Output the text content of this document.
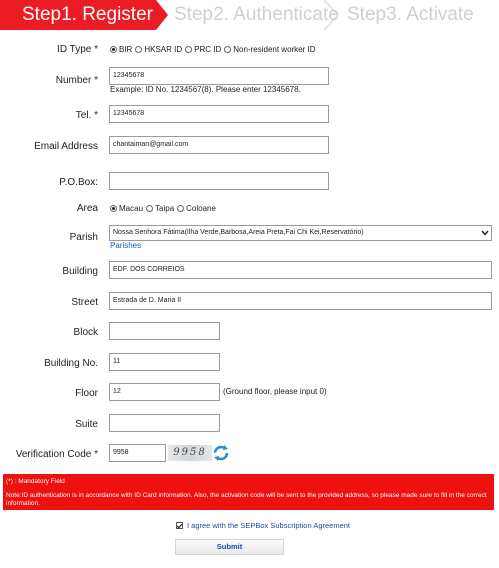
Step1. Register Step2. Authenticate Step3. Activate
ID Type *	BIR HKSAR ID PRC ID Non-resident worker ID
Number *	12345678
Example: ID No. 1234567(8). Please enter 12345678.
Tel. *	12345678
Email Address	chantaiman@gmail.com
P.O.Box:
Area	Macau Taipa Coloane
Parish	Nossa Senhora Fátima(Ilha Verde,Barbosa,Areia Preta,Fai Chi Kei,Reservatório)
Parishes
Building	EDF. DOS CORREIOS
Street	Estrada de D. Maria II
Block
Building No.	11
Floor	12	(Ground floor, please input 0)
Suite
Verification Code *	9958	9958
(*) : Mandatory Field
Note:ID authentication is in accordance with ID Card information. Also, the activation code will be sent to the provided address, so please made sure to fill in the correct information.
I agree with the SEPBox Subscription Agreement
Submit
